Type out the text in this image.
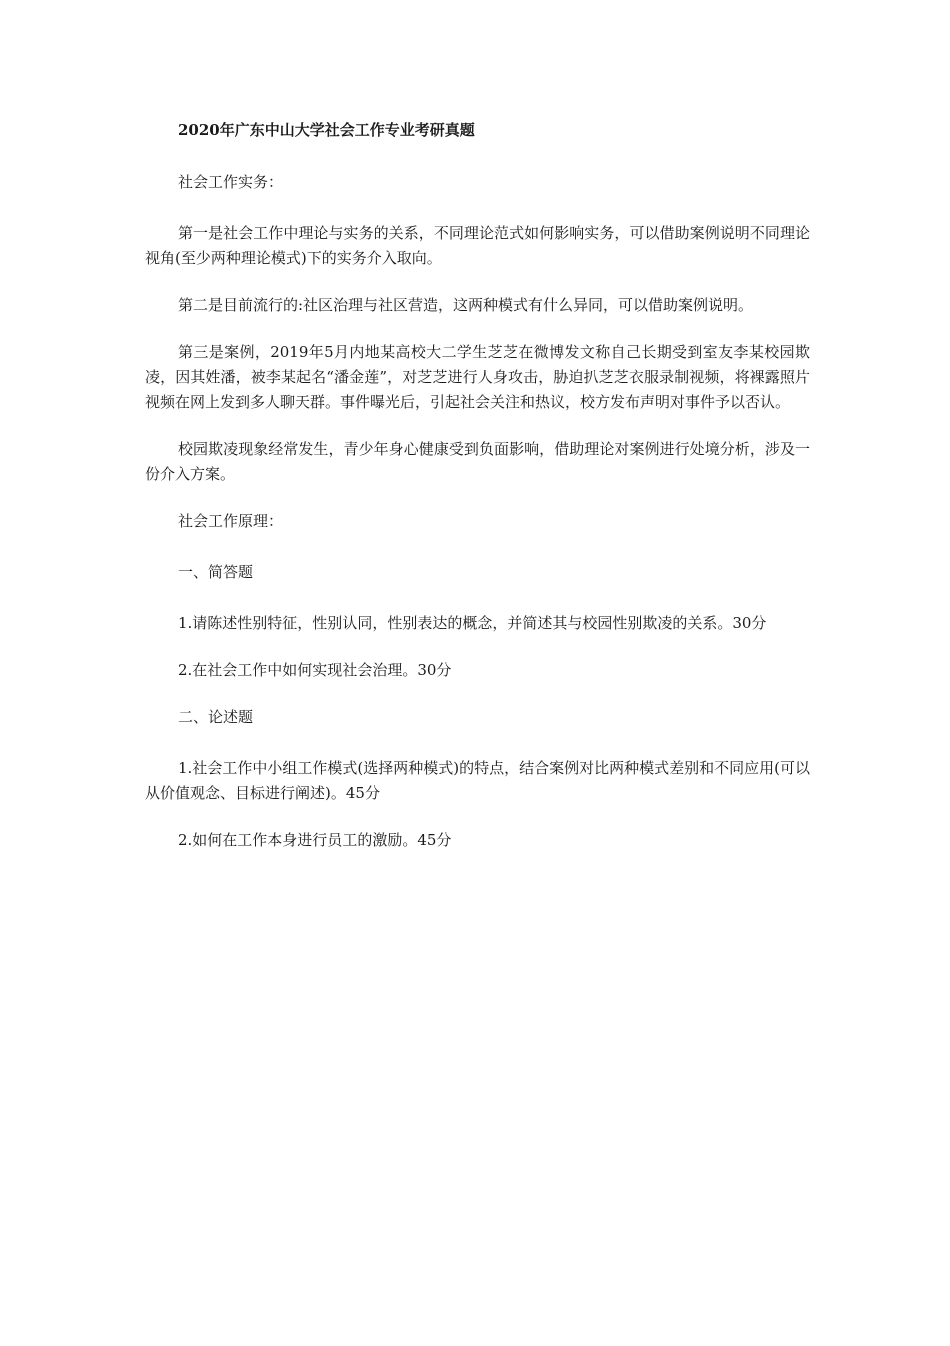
2020年广东中山大学社会工作专业考研真题

社会工作实务：

第一是社会工作中理论与实务的关系，不同理论范式如何影响实务，可以借助案例说明不同理论视角(至少两种理论模式)下的实务介入取向。

第二是目前流行的:社区治理与社区营造，这两种模式有什么异同，可以借助案例说明。

第三是案例，2019年5月内地某高校大二学生芝芝在微博发文称自己长期受到室友李某校园欺凌，因其姓潘，被李某起名“潘金莲”，对芝芝进行人身攻击，胁迫扒芝芝衣服录制视频，将裸露照片视频在网上发到多人聊天群。事件曝光后，引起社会关注和热议，校方发布声明对事件予以否认。

校园欺凌现象经常发生，青少年身心健康受到负面影响，借助理论对案例进行处境分析，涉及一份介入方案。

社会工作原理：

一、简答题

1.请陈述性别特征，性别认同，性别表达的概念，并简述其与校园性别欺凌的关系。30分

2.在社会工作中如何实现社会治理。30分

二、论述题

1.社会工作中小组工作模式(选择两种模式)的特点，结合案例对比两种模式差别和不同应用(可以从价值观念、目标进行阐述)。45分

2.如何在工作本身进行员工的激励。45分
